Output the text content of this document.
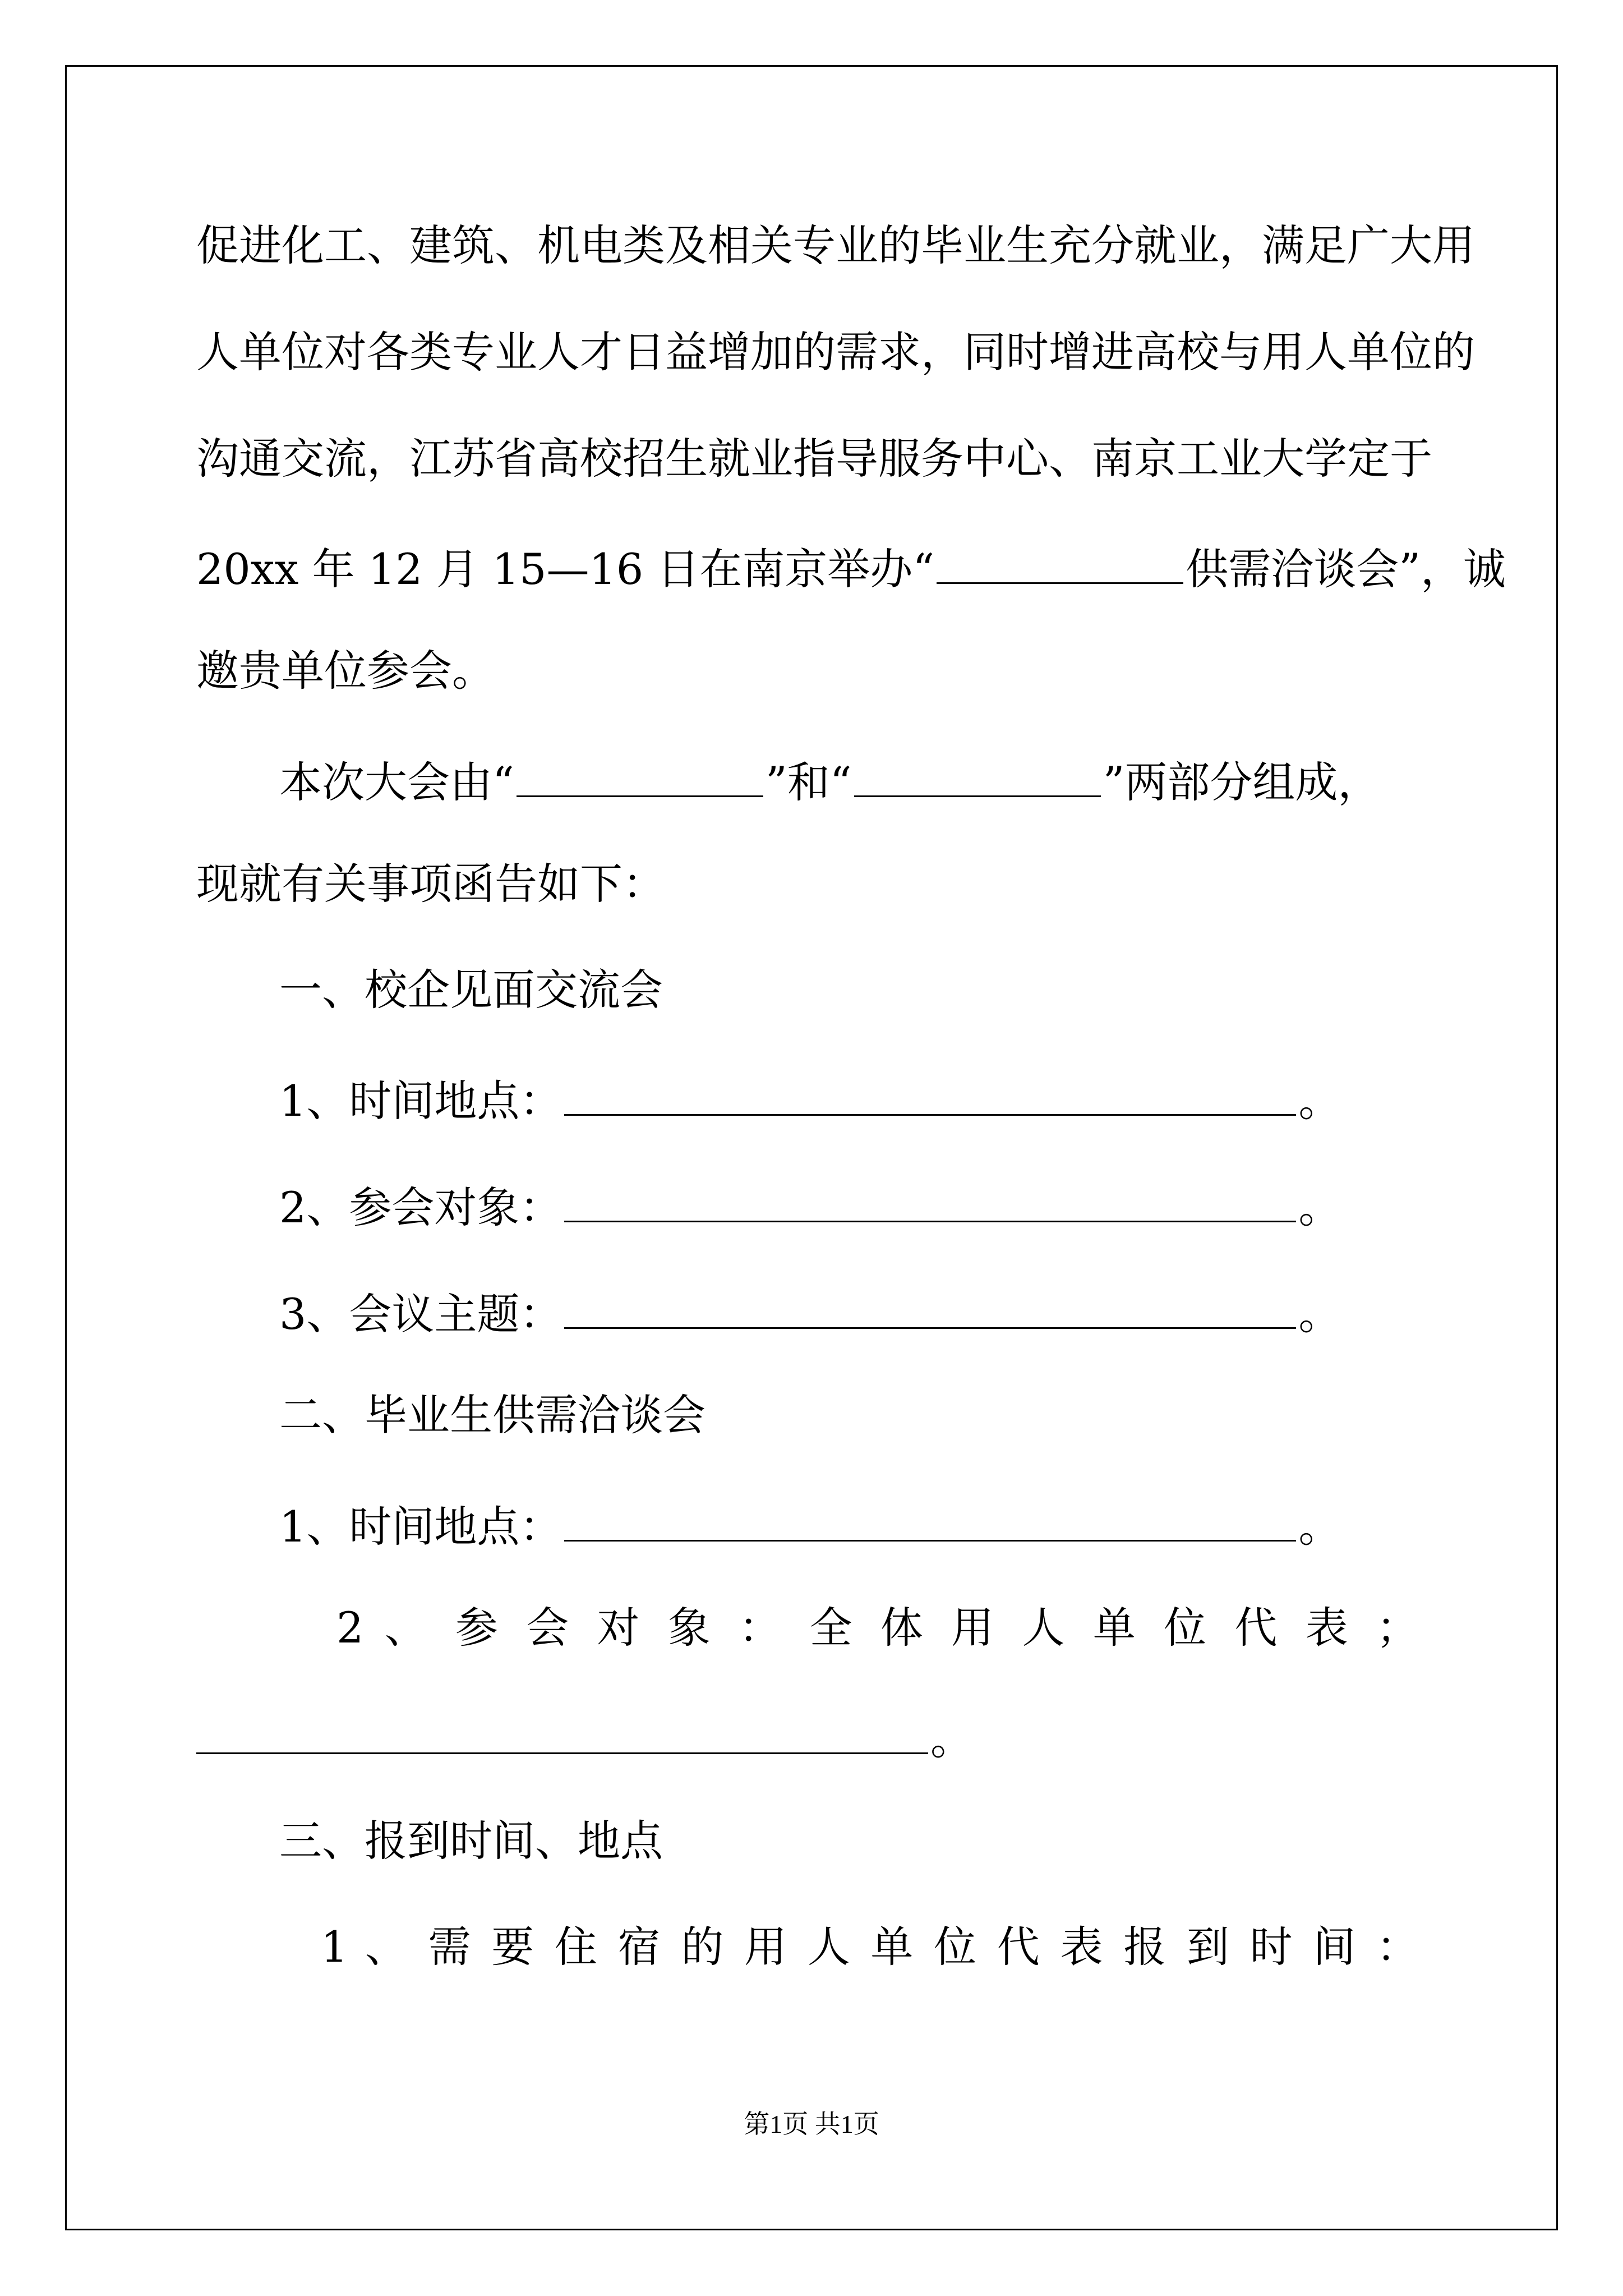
促进化工、建筑、机电类及相关专业的毕业生充分就业，满足广大用
人单位对各类专业人才日益增加的需求，同时增进高校与用人单位的
沟通交流，江苏省高校招生就业指导服务中心、南京工业大学定于
20xx 年 12 月 15—16 日在南京举办“	供需洽谈会”，诚
邀贵单位参会。
本次大会由“	”和“	”两部分组成，
现就有关事项函告如下：
一、校企见面交流会
1、时间地点：	。
2、参会对象：	。
3、会议主题：	。
二、毕业生供需洽谈会
1、时间地点：	。
2 、 参 会 对 象 ： 全 体 用 人 单 位 代 表 ；
。
三、报到时间、地点
1 、 需 要 住 宿 的 用 人 单 位 代 表 报 到 时 间 ：
第1页 共1页
